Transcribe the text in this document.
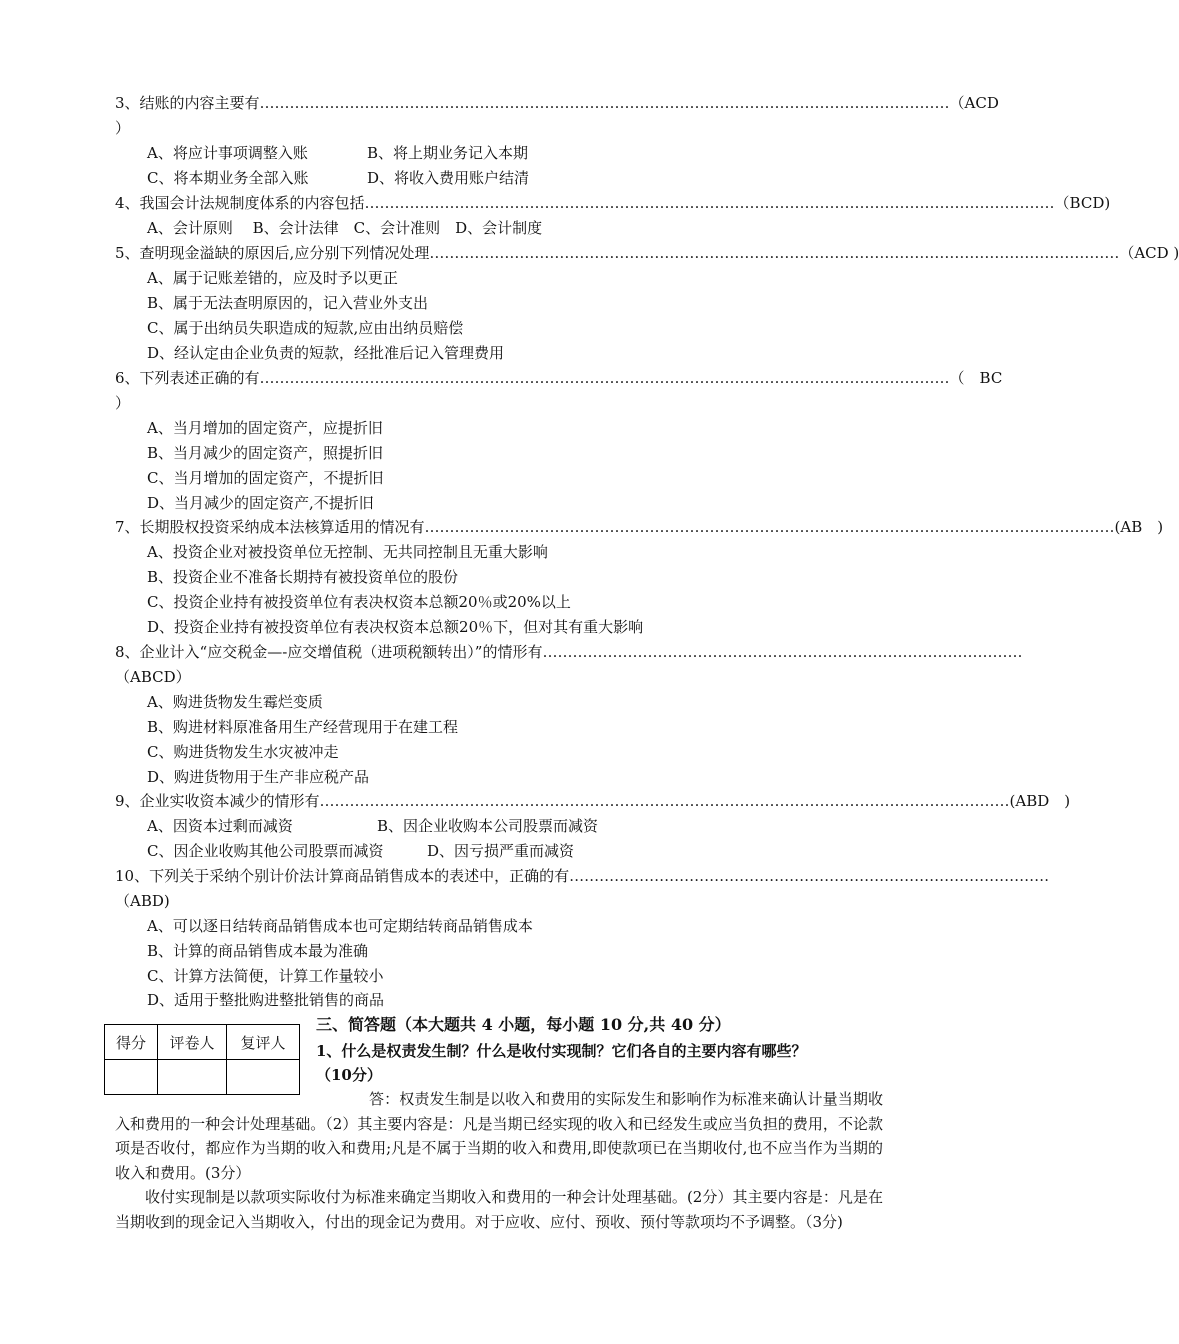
3、结账的内容主要有 ………………………………………………………………………………………………………………………… （ACD
）
A、将应计事项调整入账	B、将上期业务记入本期
C、将本期业务全部入账	D、将收入费用账户结清
4、我国会计法规制度体系的内容包括 ………………………………………………………………………………………………………………………… （BCD)
A、会计原则　 B、会计法律　C、会计准则　D、会计制度
5、查明现金溢缺的原因后,应分别下列情况处理 ………………………………………………………………………………………………………………………… （ACD )
A、属于记账差错的，应及时予以更正
B、属于无法查明原因的，记入营业外支出
C、属于出纳员失职造成的短款,应由出纳员赔偿
D、经认定由企业负责的短款，经批准后记入管理费用
6、下列表述正确的有 ………………………………………………………………………………………………………………………… （　BC
）
A、当月增加的固定资产，应提折旧
B、当月减少的固定资产，照提折旧
C、当月增加的固定资产，不提折旧
D、当月减少的固定资产,不提折旧
7、长期股权投资采纳成本法核算适用的情况有 ………………………………………………………………………………………………………………………… (AB　)
A、投资企业对被投资单位无控制、无共同控制且无重大影响
B、投资企业不准备长期持有被投资单位的股份
C、投资企业持有被投资单位有表决权资本总额20％或20%以上
D、投资企业持有被投资单位有表决权资本总额20％下，但对其有重大影响
8、企业计入“应交税金—-应交增值税（进项税额转出）”的情形有 ……………………………………………………………………………………
（ABCD）
A、购进货物发生霉烂变质
B、购进材料原准备用生产经营现用于在建工程
C、购进货物发生水灾被冲走
D、购进货物用于生产非应税产品
9、企业实收资本减少的情形有 ………………………………………………………………………………………………………………………… (ABD　)
A、因资本过剩而减资	B、因企业收购本公司股票而减资
C、因企业收购其他公司股票而减资	D、因亏损严重而减资
10、下列关于采纳个别计价法计算商品销售成本的表述中，正确的有 ……………………………………………………………………………………
（ABD)
A、可以逐日结转商品销售成本也可定期结转商品销售成本
B、计算的商品销售成本最为准确
C、计算方法简便，计算工作量较小
D、适用于整批购进整批销售的商品
得分	评卷人	复评人

三、简答题（本大题共 4 小题，每小题 10 分,共 40 分）
1、什么是权责发生制？什么是收付实现制？它们各自的主要内容有哪些？
（10分）
答：权责发生制是以收入和费用的实际发生和影响作为标准来确认计量当期收入和费用的一种会计处理基础。（2）其主要内容是：凡是当期已经实现的收入和已经发生或应当负担的费用，不论款项是否收付，都应作为当期的收入和费用;凡是不属于当期的收入和费用,即使款项已在当期收付,也不应当作为当期的收入和费用。(3分）
收付实现制是以款项实际收付为标准来确定当期收入和费用的一种会计处理基础。(2分）其主要内容是：凡是在当期收到的现金记入当期收入，付出的现金记为费用。对于应收、应付、预收、预付等款项均不予调整。（3分)
